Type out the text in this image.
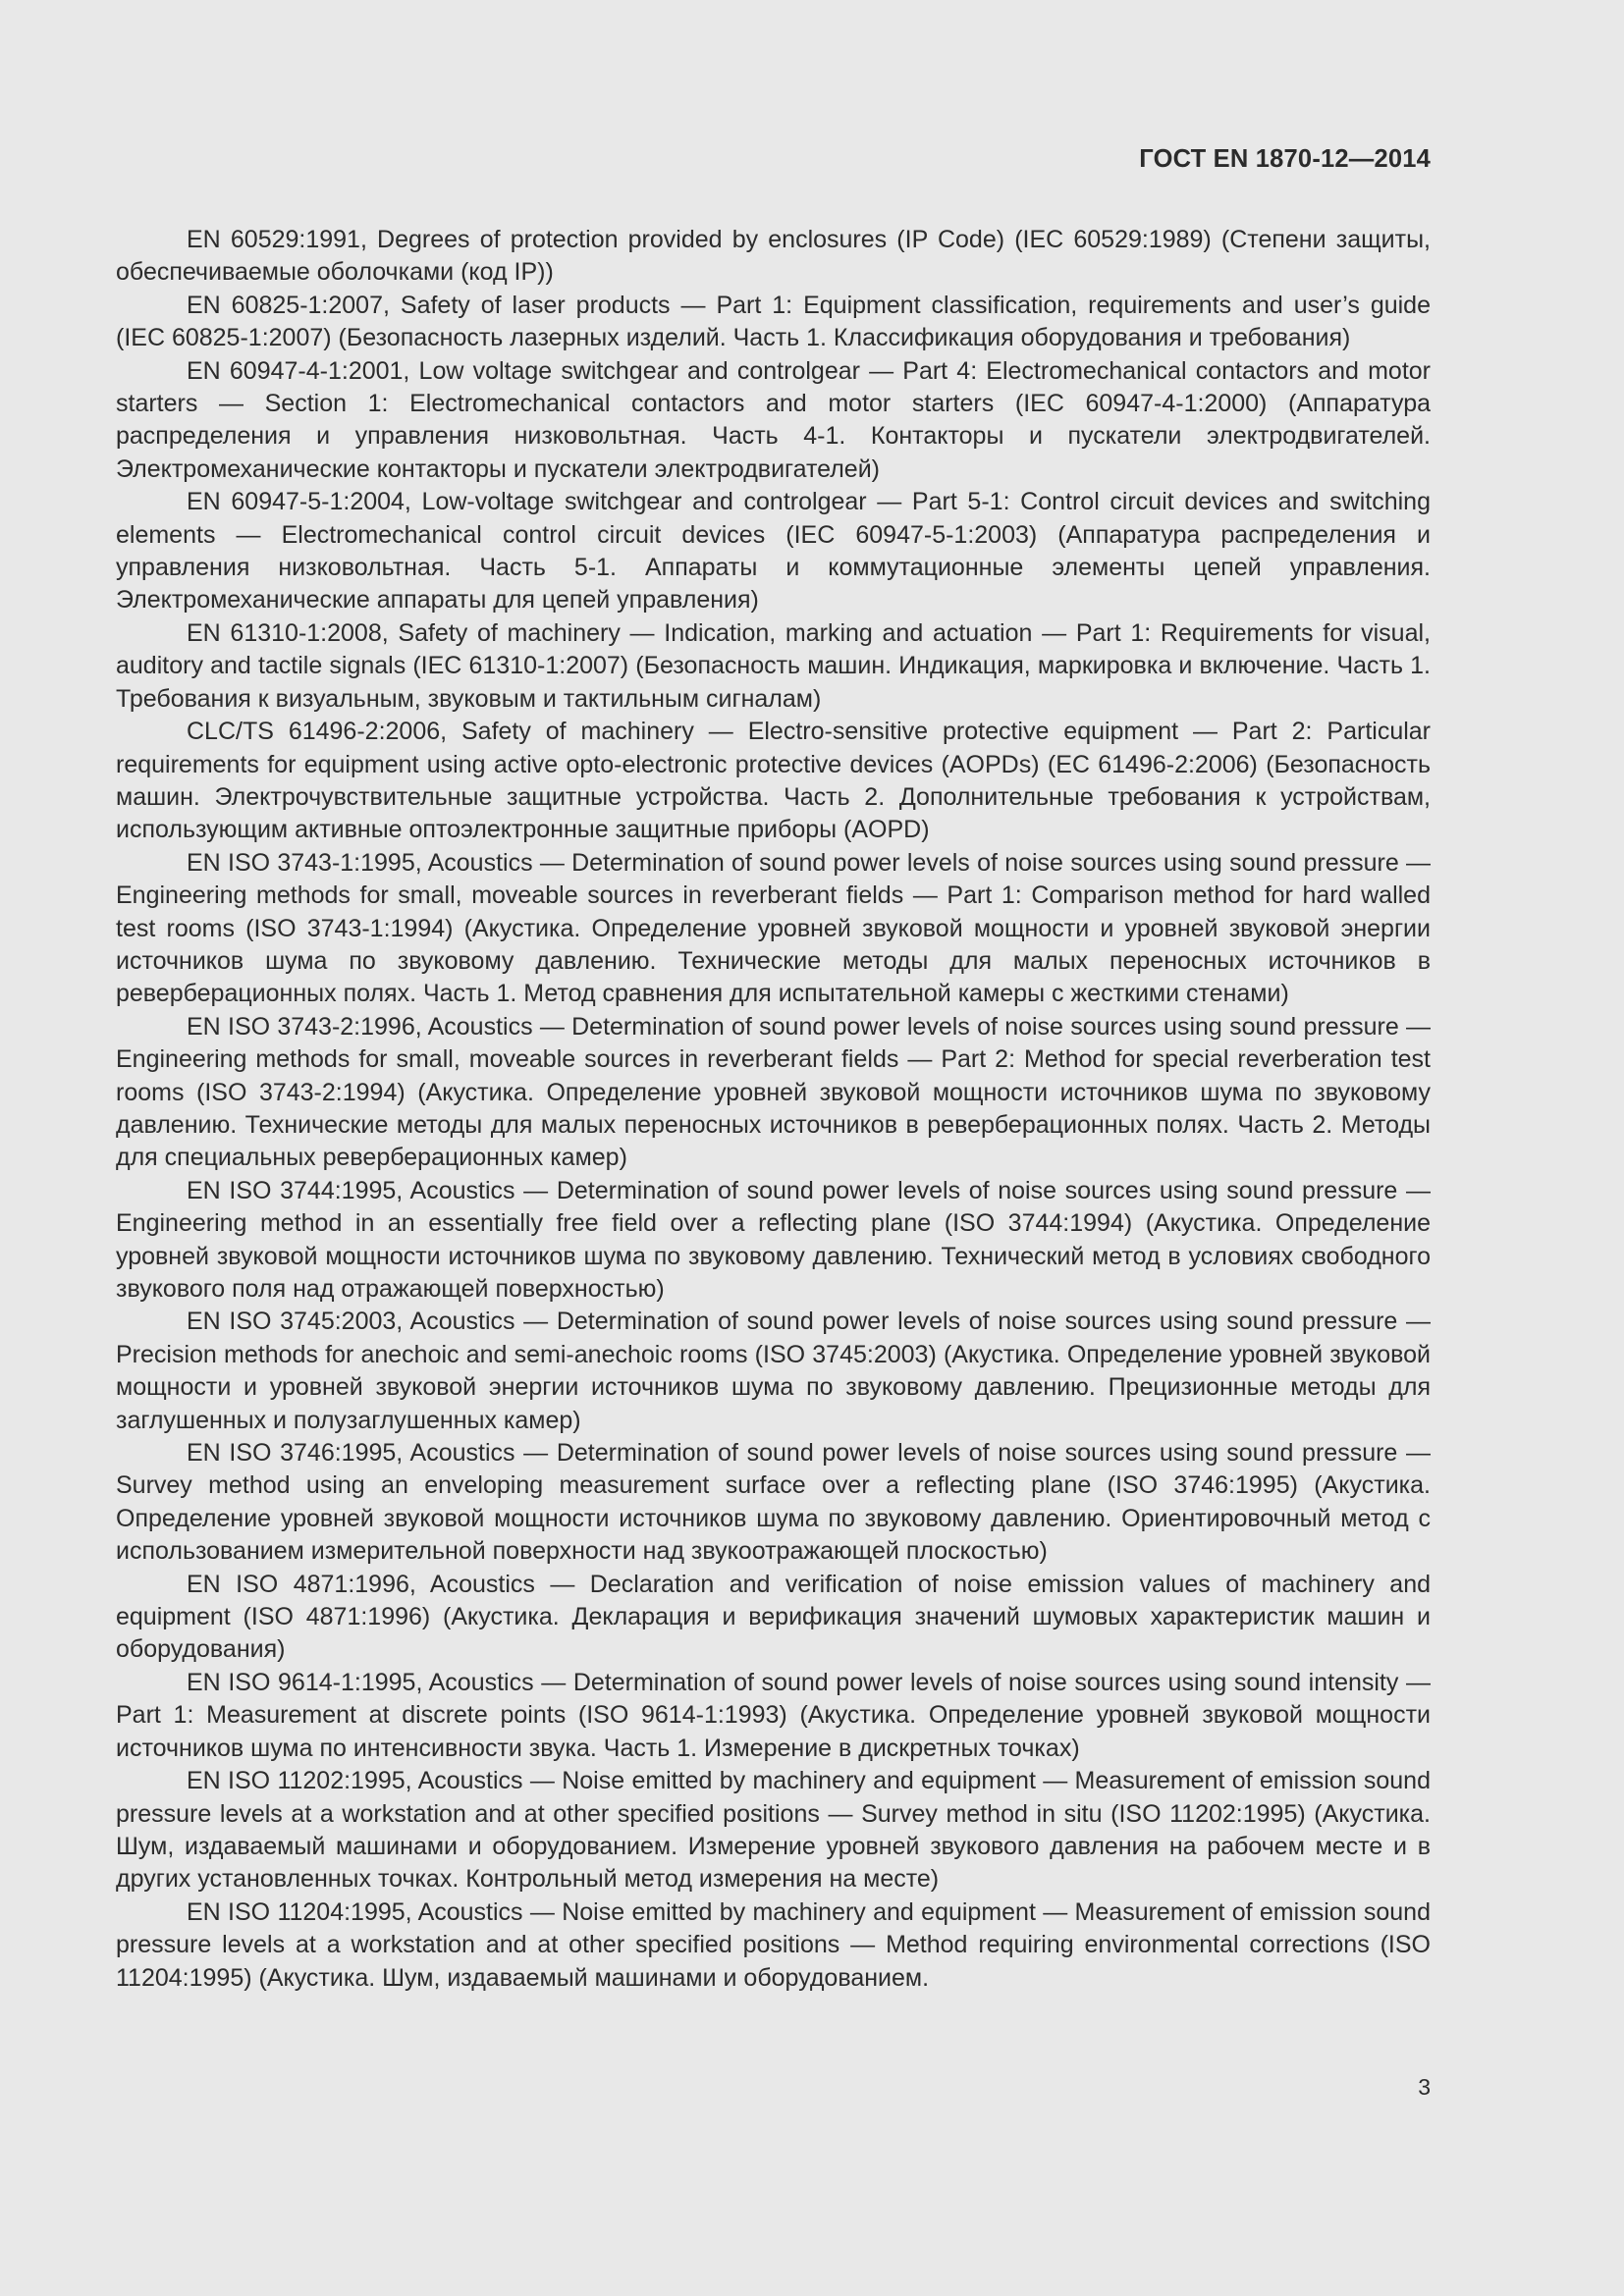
ГОСТ EN 1870-12—2014

EN 60529:1991, Degrees of protection provided by enclosures (IP Code) (IEC 60529:1989) (Степени защиты, обеспечиваемые оболочками (код IP))

EN 60825-1:2007, Safety of laser products — Part 1: Equipment classification, requirements and user’s guide (IEC 60825-1:2007) (Безопасность лазерных изделий. Часть 1. Классификация оборудования и требования)

EN 60947-4-1:2001, Low voltage switchgear and controlgear — Part 4: Electromechanical contactors and motor starters — Section 1: Electromechanical contactors and motor starters (IEC 60947-4-1:2000) (Аппаратура распределения и управления низковольтная. Часть 4-1. Контакторы и пускатели электродвигателей. Электромеханические контакторы и пускатели электродвигателей)

EN 60947-5-1:2004, Low-voltage switchgear and controlgear — Part 5-1: Control circuit devices and switching elements — Electromechanical control circuit devices (IEC 60947-5-1:2003) (Аппаратура распределения и управления низковольтная. Часть 5-1. Аппараты и коммутационные элементы цепей управления. Электромеханические аппараты для цепей управления)

EN 61310-1:2008, Safety of machinery — Indication, marking and actuation — Part 1: Requirements for visual, auditory and tactile signals (IEC 61310-1:2007) (Безопасность машин. Индикация, маркировка и включение. Часть 1. Требования к визуальным, звуковым и тактильным сигналам)

CLC/TS 61496-2:2006, Safety of machinery — Electro-sensitive protective equipment — Part 2: Particular requirements for equipment using active opto-electronic protective devices (AOPDs) (EC 61496-2:2006) (Безопасность машин. Электрочувствительные защитные устройства. Часть 2. Дополнительные требования к устройствам, использующим активные оптоэлектронные защитные приборы (AOPD)

EN ISO 3743-1:1995, Acoustics — Determination of sound power levels of noise sources using sound pressure — Engineering methods for small, moveable sources in reverberant fields — Part 1: Comparison method for hard walled test rooms (ISO 3743-1:1994) (Акустика. Определение уровней звуковой мощности и уровней звуковой энергии источников шума по звуковому давлению. Технические методы для малых переносных источников в реверберационных полях. Часть 1. Метод сравнения для испытательной камеры с жесткими стенами)

EN ISO 3743-2:1996, Acoustics — Determination of sound power levels of noise sources using sound pressure — Engineering methods for small, moveable sources in reverberant fields — Part 2: Method for special reverberation test rooms (ISO 3743-2:1994) (Акустика. Определение уровней звуковой мощности источников шума по звуковому давлению. Технические методы для малых переносных источников в реверберационных полях. Часть 2. Методы для специальных реверберационных камер)

EN ISO 3744:1995, Acoustics — Determination of sound power levels of noise sources using sound pressure — Engineering method in an essentially free field over a reflecting plane (ISO 3744:1994) (Акустика. Определение уровней звуковой мощности источников шума по звуковому давлению. Технический метод в условиях свободного звукового поля над отражающей поверхностью)

EN ISO 3745:2003, Acoustics — Determination of sound power levels of noise sources using sound pressure — Precision methods for anechoic and semi-anechoic rooms (ISO 3745:2003) (Акустика. Определение уровней звуковой мощности и уровней звуковой энергии источников шума по звуковому давлению. Прецизионные методы для заглушенных и полузаглушенных камер)

EN ISO 3746:1995, Acoustics — Determination of sound power levels of noise sources using sound pressure — Survey method using an enveloping measurement surface over a reflecting plane (ISO 3746:1995) (Акустика. Определение уровней звуковой мощности источников шума по звуковому давлению. Ориентировочный метод с использованием измерительной поверхности над звукоотражающей плоскостью)

EN ISO 4871:1996, Acoustics — Declaration and verification of noise emission values of machinery and equipment (ISO 4871:1996) (Акустика. Декларация и верификация значений шумовых характеристик машин и оборудования)

EN ISO 9614-1:1995, Acoustics — Determination of sound power levels of noise sources using sound intensity — Part 1: Measurement at discrete points (ISO 9614-1:1993) (Акустика. Определение уровней звуковой мощности источников шума по интенсивности звука. Часть 1. Измерение в дискретных точках)

EN ISO 11202:1995, Acoustics — Noise emitted by machinery and equipment — Measurement of emission sound pressure levels at a workstation and at other specified positions — Survey method in situ (ISO 11202:1995) (Акустика. Шум, издаваемый машинами и оборудованием. Измерение уровней звукового давления на рабочем месте и в других установленных точках. Контрольный метод измерения на месте)

EN ISO 11204:1995, Acoustics — Noise emitted by machinery and equipment — Measurement of emission sound pressure levels at a workstation and at other specified positions — Method requiring environmental corrections (ISO 11204:1995) (Акустика. Шум, издаваемый машинами и оборудованием.

3
